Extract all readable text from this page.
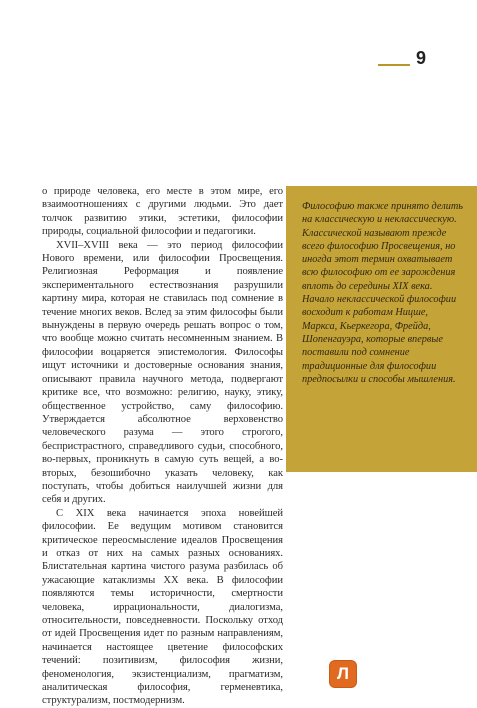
9

о природе человека, его месте в этом мире, его взаимоотношениях с другими людьми. Это дает толчок развитию этики, эстетики, философии природы, социальной философии и педагогики.

XVII–XVIII века — это период философии Нового времени, или философии Просвещения. Религиозная Реформация и появление экспериментального естествознания разрушили картину мира, которая не ставилась под сомнение в течение многих веков. Вслед за этим философы были вынуждены в первую очередь решать вопрос о том, что вообще можно считать несомненным знанием. В философии воцаряется эпистемология. Философы ищут источники и достоверные основания знания, описывают правила научного метода, подвергают критике все, что возможно: религию, науку, этику, общественное устройство, саму философию. Утверждается абсолютное верховенство человеческого разума — этого строгого, беспристрастного, справедливого судьи, способного, во-первых, проникнуть в самую суть вещей, а во-вторых, безошибочно указать человеку, как поступать, чтобы добиться наилучшей жизни для себя и других.

С XIX века начинается эпоха новейшей философии. Ее ведущим мотивом становится критическое переосмысление идеалов Просвещения и отказ от них на самых разных основаниях. Блистательная картина чистого разума разбилась об ужасающие катаклизмы XX века. В философии появляются темы историчности, смертности человека, иррациональности, диалогизма, относительности, повседневности. Поскольку отход от идей Просвещения идет по разным направлениям, начинается настоящее цветение философских течений: позитивизм, философия жизни, феноменология, экзистенциализм, прагматизм, аналитическая философия, герменевтика, структурализм, постмодернизм.

Философию также принято делить на классическую и неклассическую. Классической называют прежде всего философию Просвещения, но иногда этот термин охватывает всю философию от ее зарождения вплоть до середины XIX века. Начало неклассической философии восходит к работам Ницше, Маркса, Кьеркегора, Фрейда, Шопенгауэра, которые впервые поставили под сомнение традиционные для философии предпосылки и способы мышления.

Л
